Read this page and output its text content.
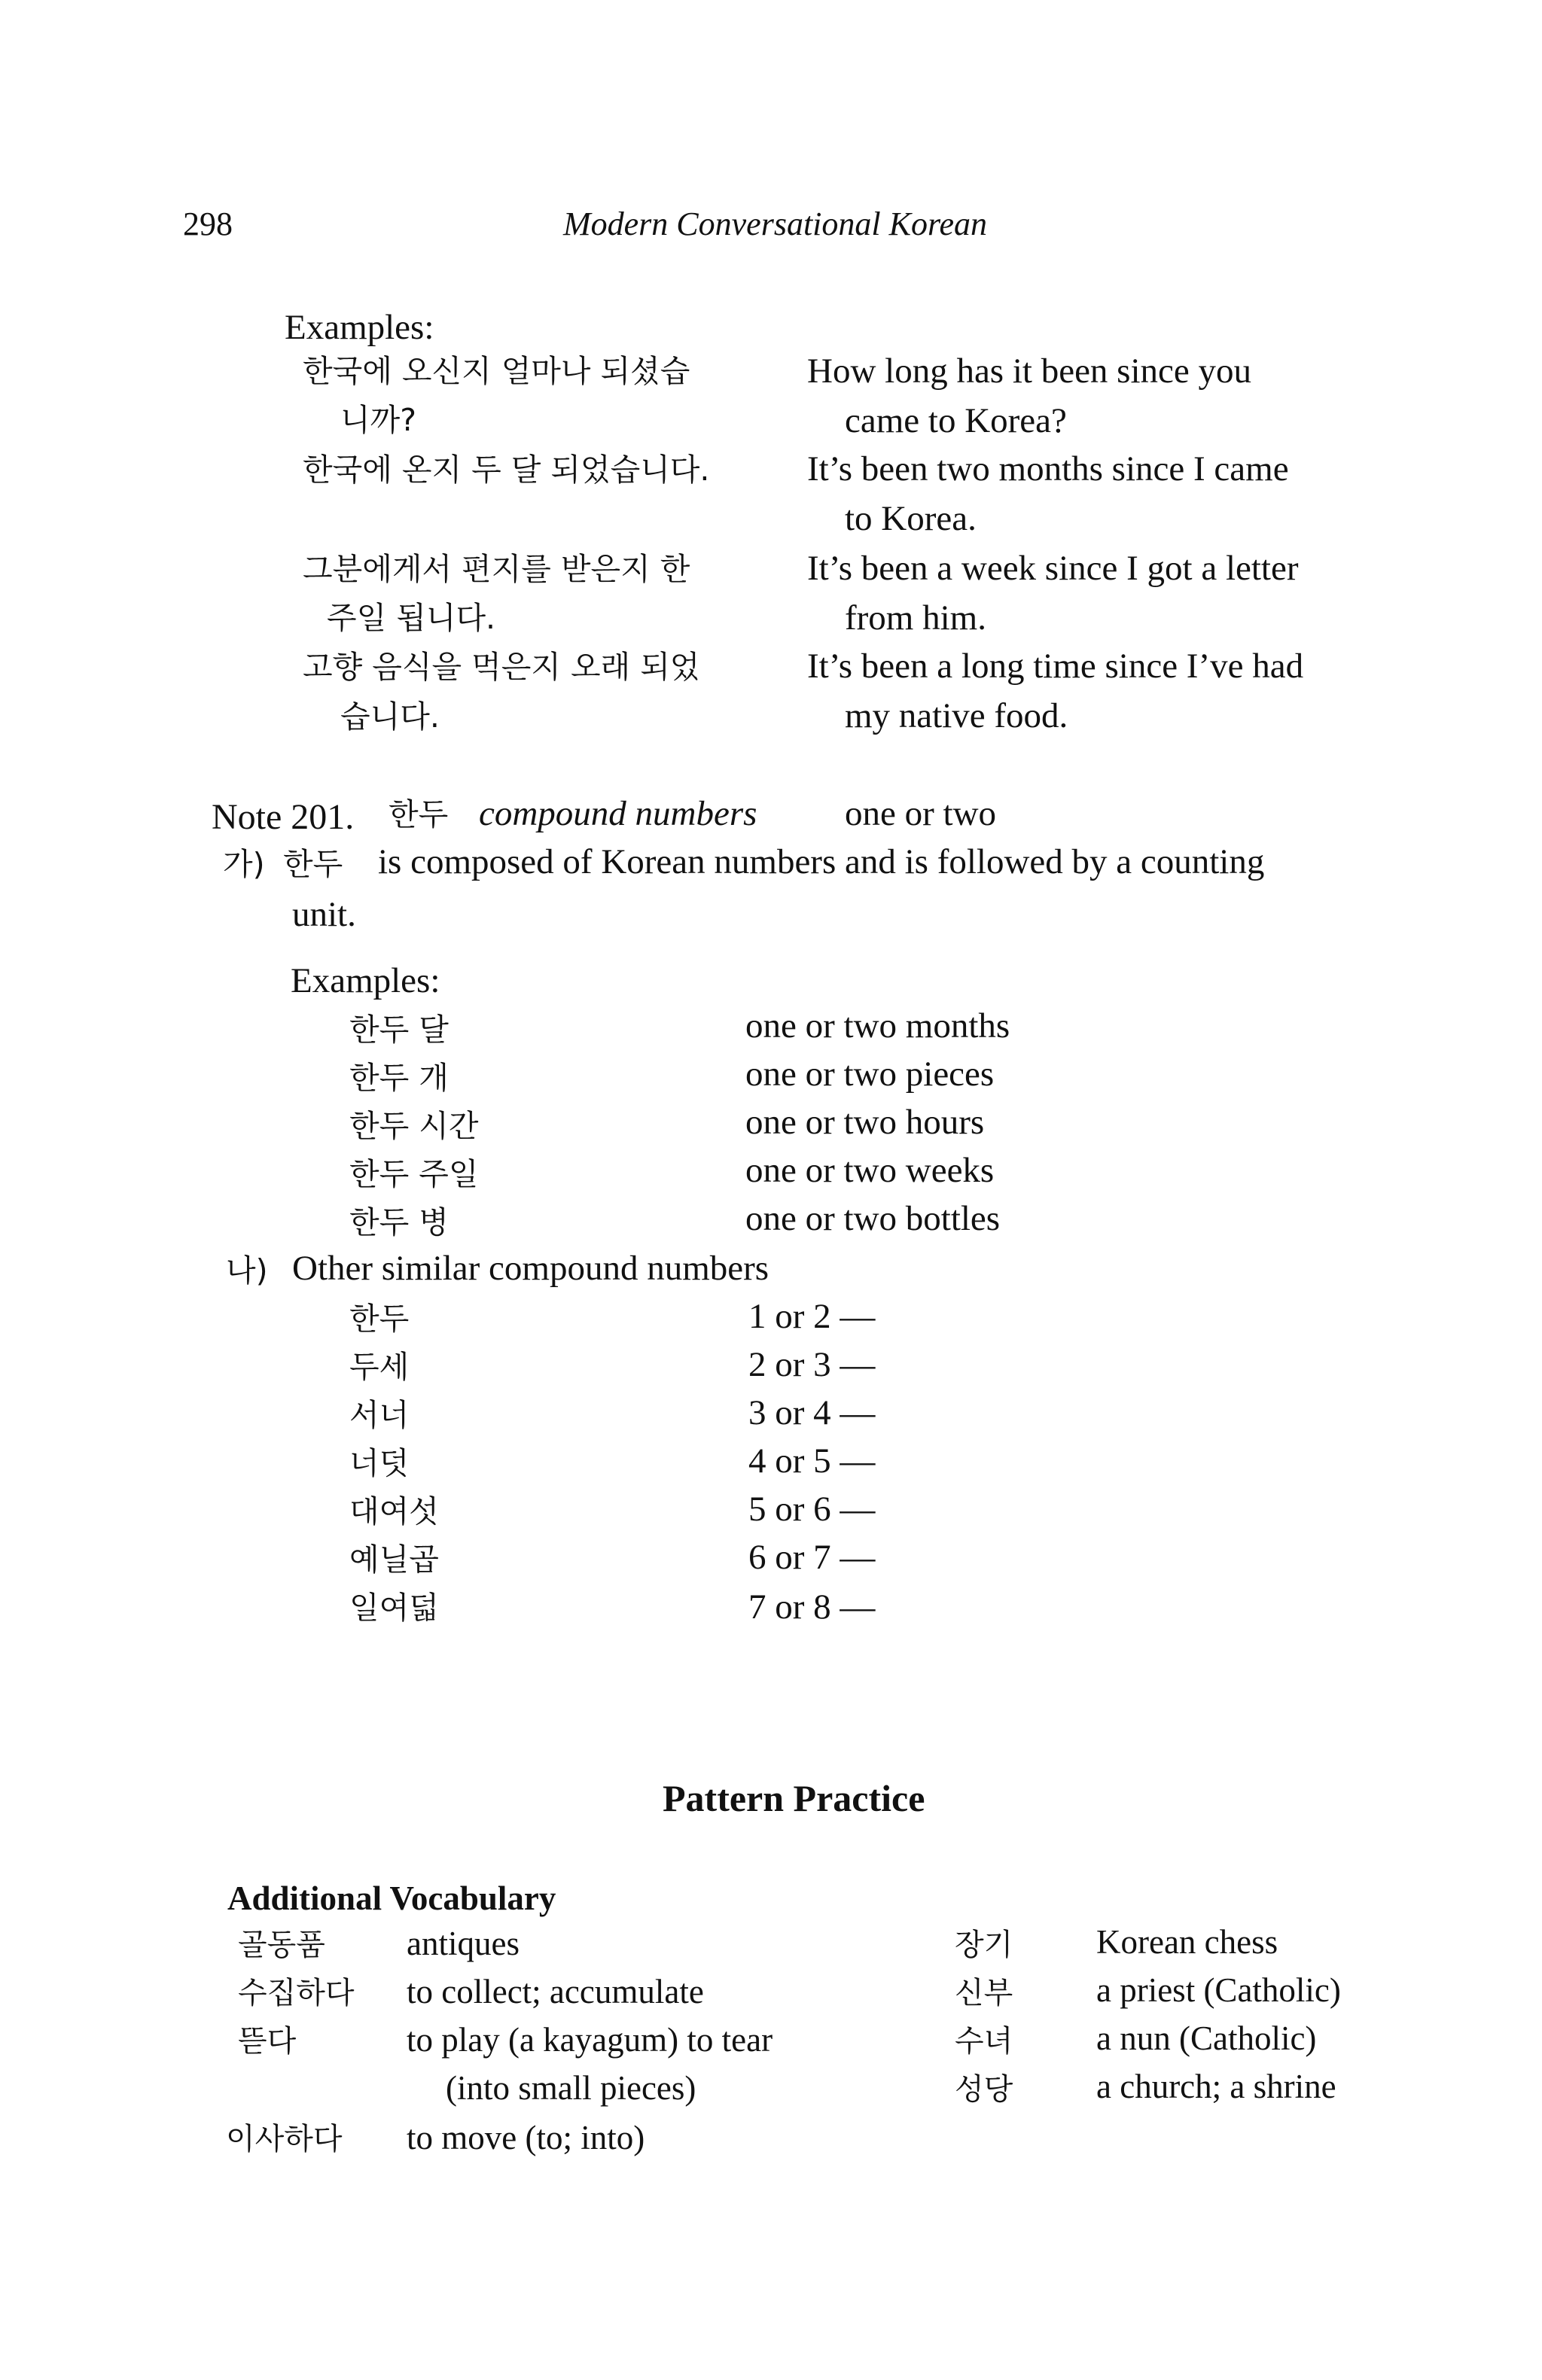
298	Modern Conversational Korean
Examples:
한국에 오신지 얼마나 되셨습
니까?
How long has it been since you
came to Korea?
한국에 온지 두 달 되었습니다.	It’s been two months since I came
to Korea.
그분에게서 편지를 받은지 한
주일 됩니다.
It’s been a week since I got a letter
from him.
고향 음식을 먹은지 오래 되었
습니다.
It’s been a long time since I’ve had
my native food.
Note 201. 한두 compound numbers one or two
가) 한두 is composed of Korean numbers and is followed by a counting
unit.
Examples:
한두 달	one or two months
한두 개	one or two pieces
한두 시간	one or two hours
한두 주일	one or two weeks
한두 병	one or two bottles
나) Other similar compound numbers
한두	1 or 2 —
두세	2 or 3 —
서너	3 or 4 —
너덧	4 or 5 —
대여섯	5 or 6 —
예닐곱	6 or 7 —
일여덟	7 or 8 —
Pattern Practice
Additional Vocabulary
골동품 antiques
수집하다 to collect; accumulate
뜯다	to play (a kayagum) to tear
(into small pieces)
이사하다 to move (to; into)
장기 Korean chess
신부 a priest (Catholic)
수녀 a nun (Catholic)
성당 a church; a shrine
